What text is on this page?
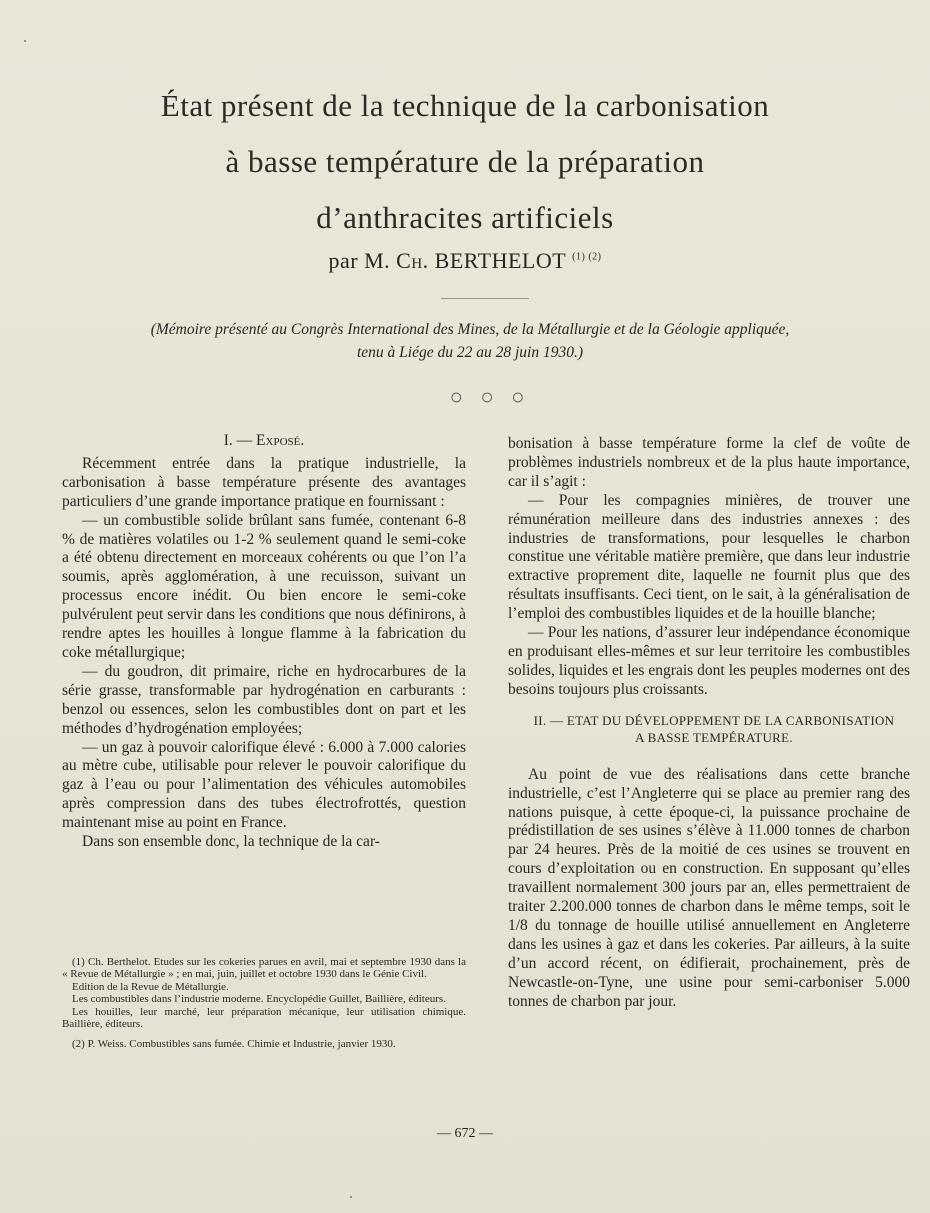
État présent de la technique de la carbonisation
à basse température de la préparation
d’anthracites artificiels
par M. Ch. BERTHELOT $^{(1) (2)}$
(Mémoire présenté au Congrès International des Mines, de la Métallurgie et de la Géologie appliquée,
tenu à Liége du 22 au 28 juin 1930.)
○ ○ ○
I. — Exposé.

Récemment entrée dans la pratique industrielle, la carbonisation à basse température présente des avantages particuliers d’une grande importance pratique en fournissant :

— un combustible solide brûlant sans fumée, contenant 6-8 % de matières volatiles ou 1-2 % seulement quand le semi-coke a été obtenu directement en morceaux cohérents ou que l’on l’a soumis, après agglomération, à une recuisson, suivant un processus encore inédit. Ou bien encore le semi-coke pulvérulent peut servir dans les conditions que nous définirons, à rendre aptes les houilles à longue flamme à la fabrication du coke métallurgique;

— du goudron, dit primaire, riche en hydrocarbures de la série grasse, transformable par hydrogénation en carburants : benzol ou essences, selon les combustibles dont on part et les méthodes d’hydrogénation employées;

— un gaz à pouvoir calorifique élevé : 6.000 à 7.000 calories au mètre cube, utilisable pour relever le pouvoir calorifique du gaz à l’eau ou pour l’alimentation des véhicules automobiles après compression dans des tubes électrofrottés, question maintenant mise au point en France.

Dans son ensemble donc, la technique de la car-

(1) Ch. Berthelot. Etudes sur les cokeries parues en avril, mai et septembre 1930 dans la « Revue de Métallurgie » ; en mai, juin, juillet et octobre 1930 dans le Génie Civil.

Edition de la Revue de Métallurgie.

Les combustibles dans l’industrie moderne. Encyclopédie Guillet, Baillière, éditeurs.

Les houilles, leur marché, leur préparation mécanique, leur utilisation chimique. Baillière, éditeurs.

(2) P. Weiss. Combustibles sans fumée. Chimie et Industrie, janvier 1930.

bonisation à basse température forme la clef de voûte de problèmes industriels nombreux et de la plus haute importance, car il s’agit :

— Pour les compagnies minières, de trouver une rémunération meilleure dans des industries annexes : des industries de transformations, pour lesquelles le charbon constitue une véritable matière première, que dans leur industrie extractive proprement dite, laquelle ne fournit plus que des résultats insuffisants. Ceci tient, on le sait, à la généralisation de l’emploi des combustibles liquides et de la houille blanche;

— Pour les nations, d’assurer leur indépendance économique en produisant elles-mêmes et sur leur territoire les combustibles solides, liquides et les engrais dont les peuples modernes ont des besoins toujours plus croissants.

II. — ETAT DU DÉVELOPPEMENT DE LA CARBONISATION
A BASSE TEMPÉRATURE.

Au point de vue des réalisations dans cette branche industrielle, c’est l’Angleterre qui se place au premier rang des nations puisque, à cette époque-ci, la puissance prochaine de prédistillation de ses usines s’élève à 11.000 tonnes de charbon par 24 heures. Près de la moitié de ces usines se trouvent en cours d’exploitation ou en construction. En supposant qu’elles travaillent normalement 300 jours par an, elles permettraient de traiter 2.200.000 tonnes de charbon dans le même temps, soit le 1/8 du tonnage de houille utilisé annuellement en Angleterre dans les usines à gaz et dans les cokeries. Par ailleurs, à la suite d’un accord récent, on édifierait, prochainement, près de Newcastle-on-Tyne, une usine pour semi-carboniser 5.000 tonnes de charbon par jour.

— 672 —
